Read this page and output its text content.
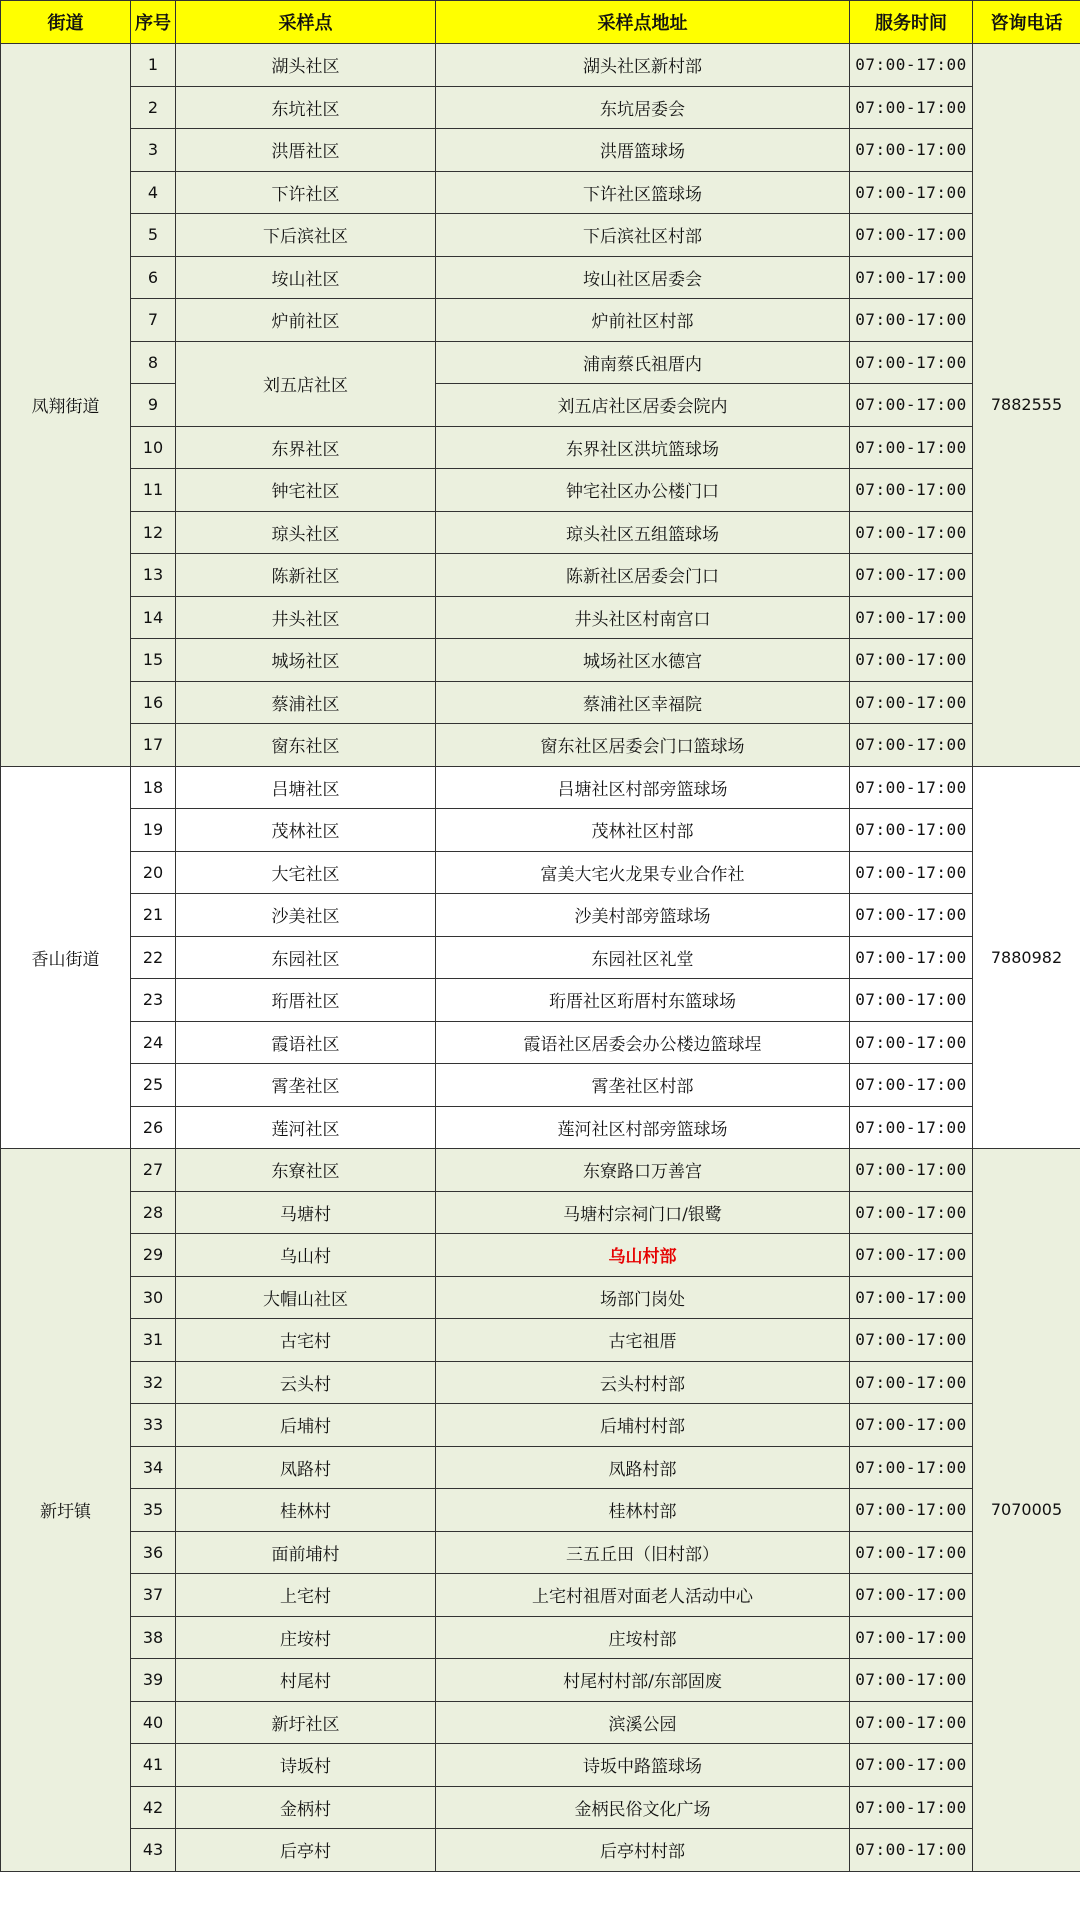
街道	序号	采样点	采样点地址	服务时间	咨询电话
凤翔街道	1	湖头社区	湖头社区新村部	07:00-17:00	7882555
	2	东坑社区	东坑居委会	07:00-17:00	
	3	洪厝社区	洪厝篮球场	07:00-17:00	
	4	下许社区	下许社区篮球场	07:00-17:00	
	5	下后滨社区	下后滨社区村部	07:00-17:00	
	6	垵山社区	垵山社区居委会	07:00-17:00	
	7	炉前社区	炉前社区村部	07:00-17:00	
	8	刘五店社区	浦南蔡氏祖厝内	07:00-17:00	
	9		刘五店社区居委会院内	07:00-17:00	
	10	东界社区	东界社区洪坑篮球场	07:00-17:00	
	11	钟宅社区	钟宅社区办公楼门口	07:00-17:00	
	12	琼头社区	琼头社区五组篮球场	07:00-17:00	
	13	陈新社区	陈新社区居委会门口	07:00-17:00	
	14	井头社区	井头社区村南宫口	07:00-17:00	
	15	城场社区	城场社区水德宫	07:00-17:00	
	16	蔡浦社区	蔡浦社区幸福院	07:00-17:00	
	17	窗东社区	窗东社区居委会门口篮球场	07:00-17:00	
香山街道	18	吕塘社区	吕塘社区村部旁篮球场	07:00-17:00	7880982
	19	茂林社区	茂林社区村部	07:00-17:00	
	20	大宅社区	富美大宅火龙果专业合作社	07:00-17:00	
	21	沙美社区	沙美村部旁篮球场	07:00-17:00	
	22	东园社区	东园社区礼堂	07:00-17:00	
	23	珩厝社区	珩厝社区珩厝村东篮球场	07:00-17:00	
	24	霞语社区	霞语社区居委会办公楼边篮球埕	07:00-17:00	
	25	霄垄社区	霄垄社区村部	07:00-17:00	
	26	莲河社区	莲河社区村部旁篮球场	07:00-17:00	
新圩镇	27	东寮社区	东寮路口万善宫	07:00-17:00	7070005
	28	马塘村	马塘村宗祠门口/银鹭	07:00-17:00	
	29	乌山村	乌山村部	07:00-17:00	
	30	大帽山社区	场部门岗处	07:00-17:00	
	31	古宅村	古宅祖厝	07:00-17:00	
	32	云头村	云头村村部	07:00-17:00	
	33	后埔村	后埔村村部	07:00-17:00	
	34	凤路村	凤路村部	07:00-17:00	
	35	桂林村	桂林村部	07:00-17:00	
	36	面前埔村	三五丘田（旧村部）	07:00-17:00	
	37	上宅村	上宅村祖厝对面老人活动中心	07:00-17:00	
	38	庄垵村	庄垵村部	07:00-17:00	
	39	村尾村	村尾村村部/东部固废	07:00-17:00	
	40	新圩社区	滨溪公园	07:00-17:00	
	41	诗坂村	诗坂中路篮球场	07:00-17:00	
	42	金柄村	金柄民俗文化广场	07:00-17:00	
	43	后亭村	后亭村村部	07:00-17:00	
